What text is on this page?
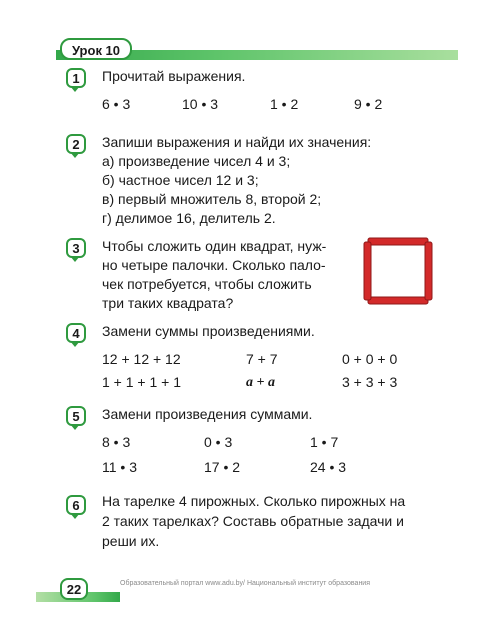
Урок 10
1	Прочитай выражения.
6 • 3	10 • 3	1 • 2	9 • 2
2	Запиши выражения и найди их значения:
а) произведение чисел 4 и 3;
б) частное чисел 12 и 3;
в) первый множитель 8, второй 2;
г) делимое 16, делитель 2.
3	Чтобы сложить один квадрат, нуж-
но четыре палочки. Сколько пало-
чек потребуется, чтобы сложить
три таких квадрата?
4	Замени суммы произведениями.
12 + 12 + 12	7 + 7	0 + 0 + 0
1 + 1 + 1 + 1	a + a	3 + 3 + 3
5	Замени произведения суммами.
8 • 3	0 • 3	1 • 7
11 • 3	17 • 2	24 • 3
6	На тарелке 4 пирожных. Сколько пирожных на
2 таких тарелках? Составь обратные задачи и
реши их.
22	Образовательный портал www.adu.by/ Национальный институт образования
